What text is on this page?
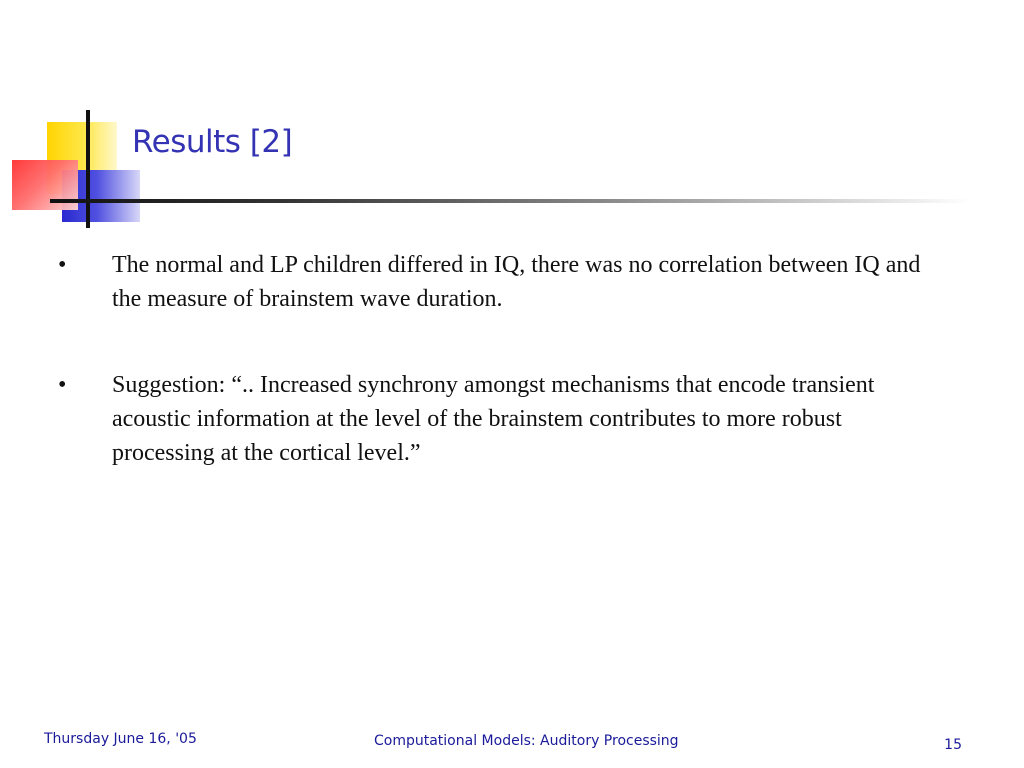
Results [2]
•	The normal and LP children differed in IQ, there was no correlation between IQ and the measure of brainstem wave duration.
•	Suggestion: “.. Increased synchrony amongst mechanisms that encode transient acoustic information at the level of the brainstem contributes to more robust processing at the cortical level.”
Thursday June 16, '05	Computational Models: Auditory Processing	15
